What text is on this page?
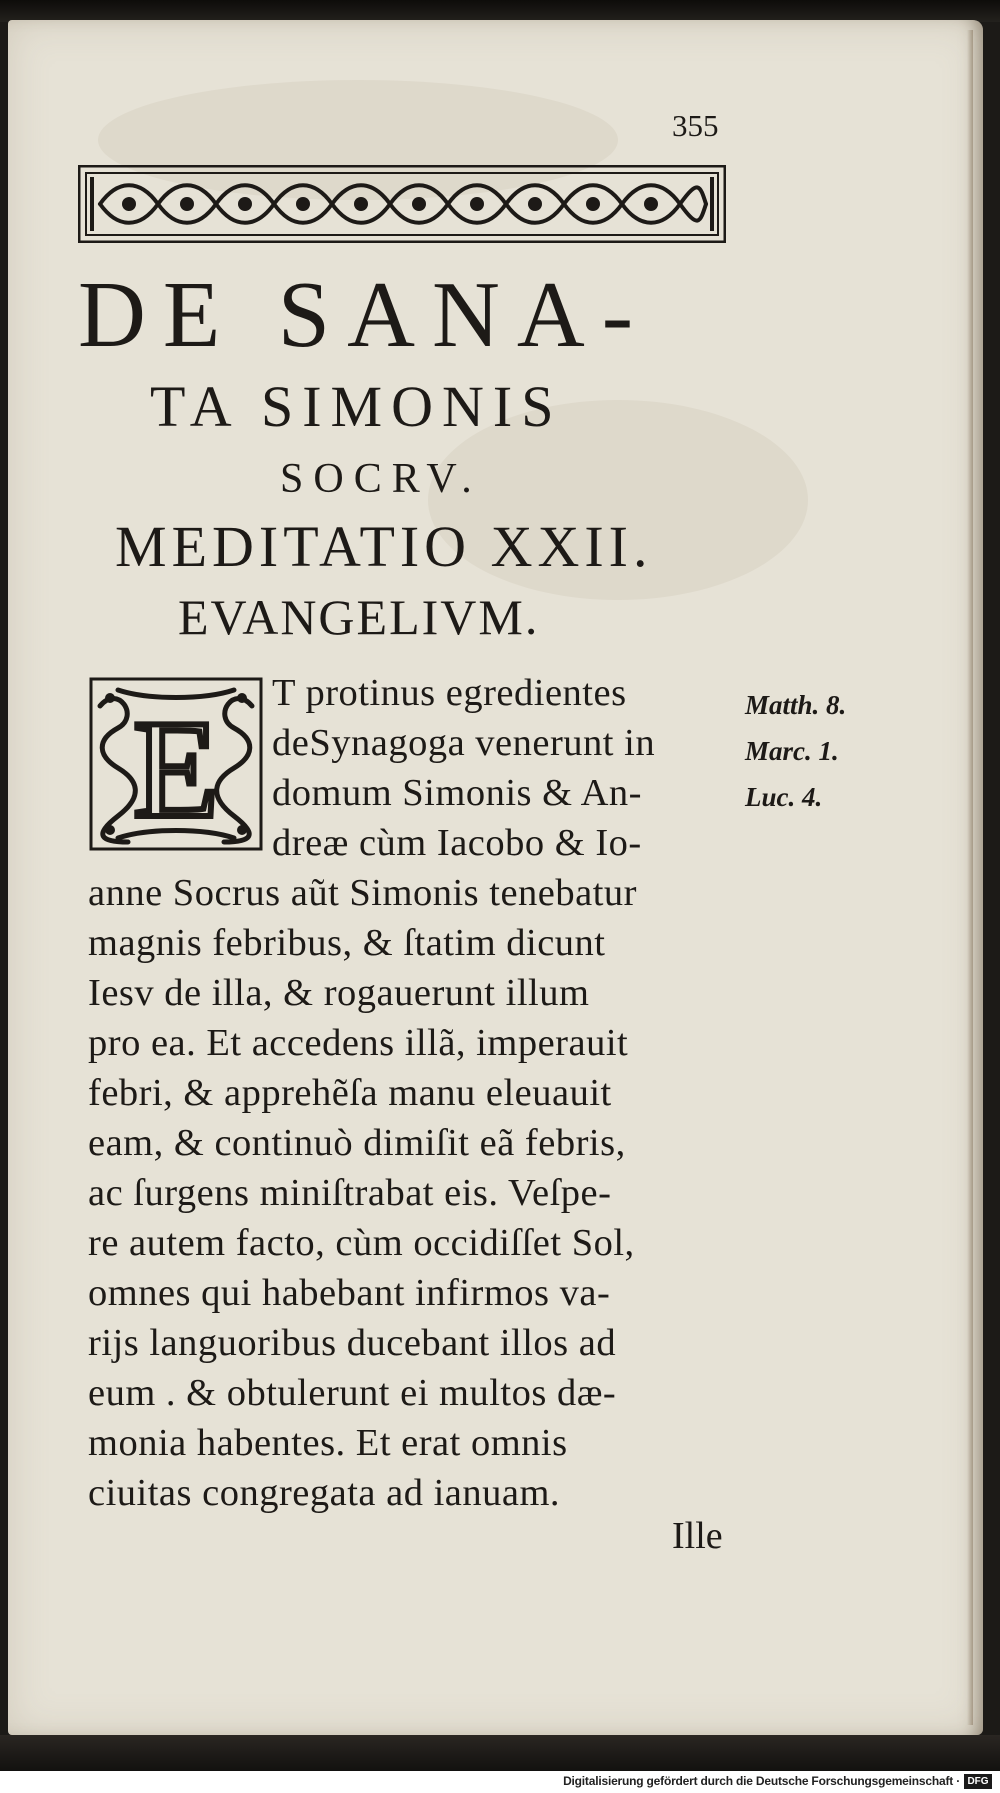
355
DE SANA-
TA SIMONIS
SOCRV.
MEDITATIO XXII.
EVANGELIVM.
E T protinus egredientes
deSynagoga venerunt in
domum Simonis & An-
dreæ cùm Iacobo & Io-
anne Socrus aũt Simonis tenebatur
magnis febribus, & ſtatim dicunt
Iesv de illa, & rogauerunt illum
pro ea. Et accedens illã, imperauit
febri, & apprehẽſa manu eleuauit
eam, & continuò dimiſit eã febris,
ac ſurgens miniſtrabat eis. Veſpe-
re autem facto, cùm occidiſſet Sol,
omnes qui habebant infirmos va-
rijs languoribus ducebant illos ad
eum . & obtulerunt ei multos dæ-
monia habentes. Et erat omnis
ciuitas congregata ad ianuam.
Matth. 8.
Marc. 1.
Luc. 4.
Ille
Digitalisierung gefördert durch die Deutsche Forschungsgemeinschaft · DFG
